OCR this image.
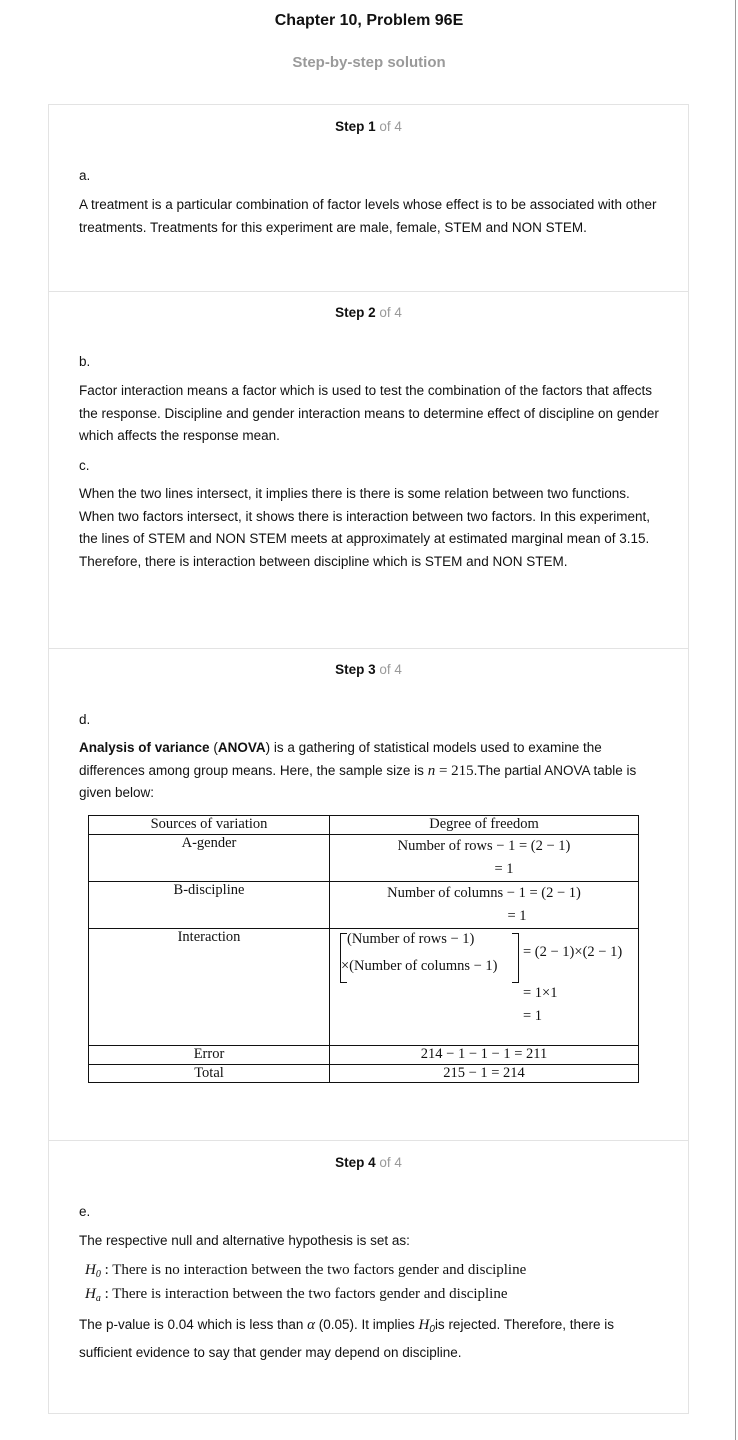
Chapter 10, Problem 96E
Step-by-step solution
Step 1 of 4
a.
A treatment is a particular combination of factor levels whose effect is to be associated with other treatments. Treatments for this experiment are male, female, STEM and NON STEM.
Step 2 of 4
b.
Factor interaction means a factor which is used to test the combination of the factors that affects the response. Discipline and gender interaction means to determine effect of discipline on gender which affects the response mean.
c.
When the two lines intersect, it implies there is there is some relation between two functions. When two factors intersect, it shows there is interaction between two factors. In this experiment, the lines of STEM and NON STEM meets at approximately at estimated marginal mean of 3.15. Therefore, there is interaction between discipline which is STEM and NON STEM.
Step 3 of 4
d.
Analysis of variance (ANOVA) is a gathering of statistical models used to examine the differences among group means. Here, the sample size is n = 215.The partial ANOVA table is given below:
Sources of variation	Degree of freedom
A-gender	Number of rows − 1 = (2 − 1)
= 1

B-discipline	Number of columns − 1 = (2 − 1)
= 1

Interaction	(Number of rows − 1)
×(Number of columns − 1)
= (2 − 1)×(2 − 1)
= 1×1
= 1

Error	214 − 1 − 1 − 1 = 211
Total	215 − 1 = 214
Step 4 of 4
e.
The respective null and alternative hypothesis is set as:
$H_0$ : There is no interaction between the two factors gender and discipline
$H_a$ : There is interaction between the two factors gender and discipline
The p-value is 0.04 which is less than α (0.05). It implies $H_0is$ rejected. Therefore, there is sufficient evidence to say that gender may depend on discipline.
